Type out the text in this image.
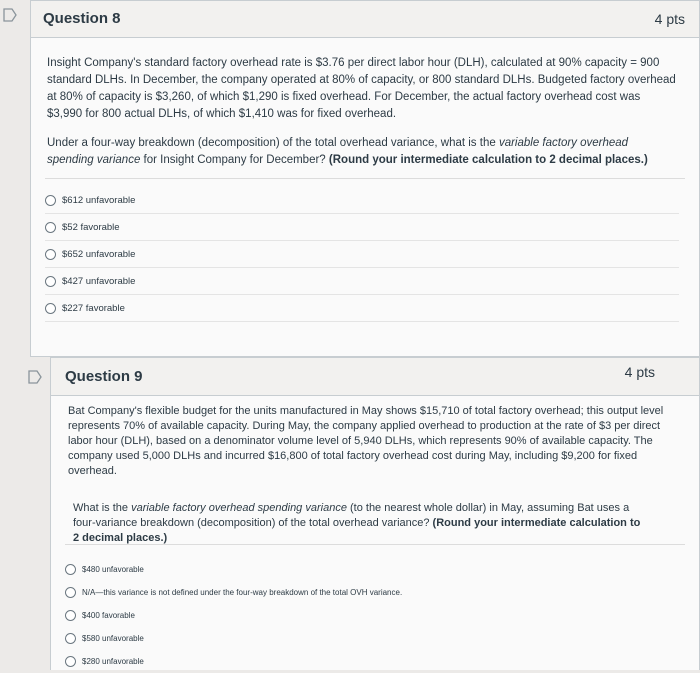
Question 8	4 pts
Insight Company's standard factory overhead rate is $3.76 per direct labor hour (DLH), calculated at 90% capacity = 900 standard DLHs. In December, the company operated at 80% of capacity, or 800 standard DLHs. Budgeted factory overhead at 80% of capacity is $3,260, of which $1,290 is fixed overhead. For December, the actual factory overhead cost was $3,990 for 800 actual DLHs, of which $1,410 was for fixed overhead.
Under a four-way breakdown (decomposition) of the total overhead variance, what is the variable factory overhead spending variance for Insight Company for December? (Round your intermediate calculation to 2 decimal places.)
$612 unfavorable
$52 favorable
$652 unfavorable
$427 unfavorable
$227 favorable
Question 9	4 pts
Bat Company's flexible budget for the units manufactured in May shows $15,710 of total factory overhead; this output level represents 70% of available capacity. During May, the company applied overhead to production at the rate of $3 per direct labor hour (DLH), based on a denominator volume level of 5,940 DLHs, which represents 90% of available capacity. The company used 5,000 DLHs and incurred $16,800 of total factory overhead cost during May, including $9,200 for fixed overhead.
What is the variable factory overhead spending variance (to the nearest whole dollar) in May, assuming Bat uses a four-variance breakdown (decomposition) of the total overhead variance? (Round your intermediate calculation to 2 decimal places.)
$480 unfavorable
N/A—this variance is not defined under the four-way breakdown of the total OVH variance.
$400 favorable
$580 unfavorable
$280 unfavorable
